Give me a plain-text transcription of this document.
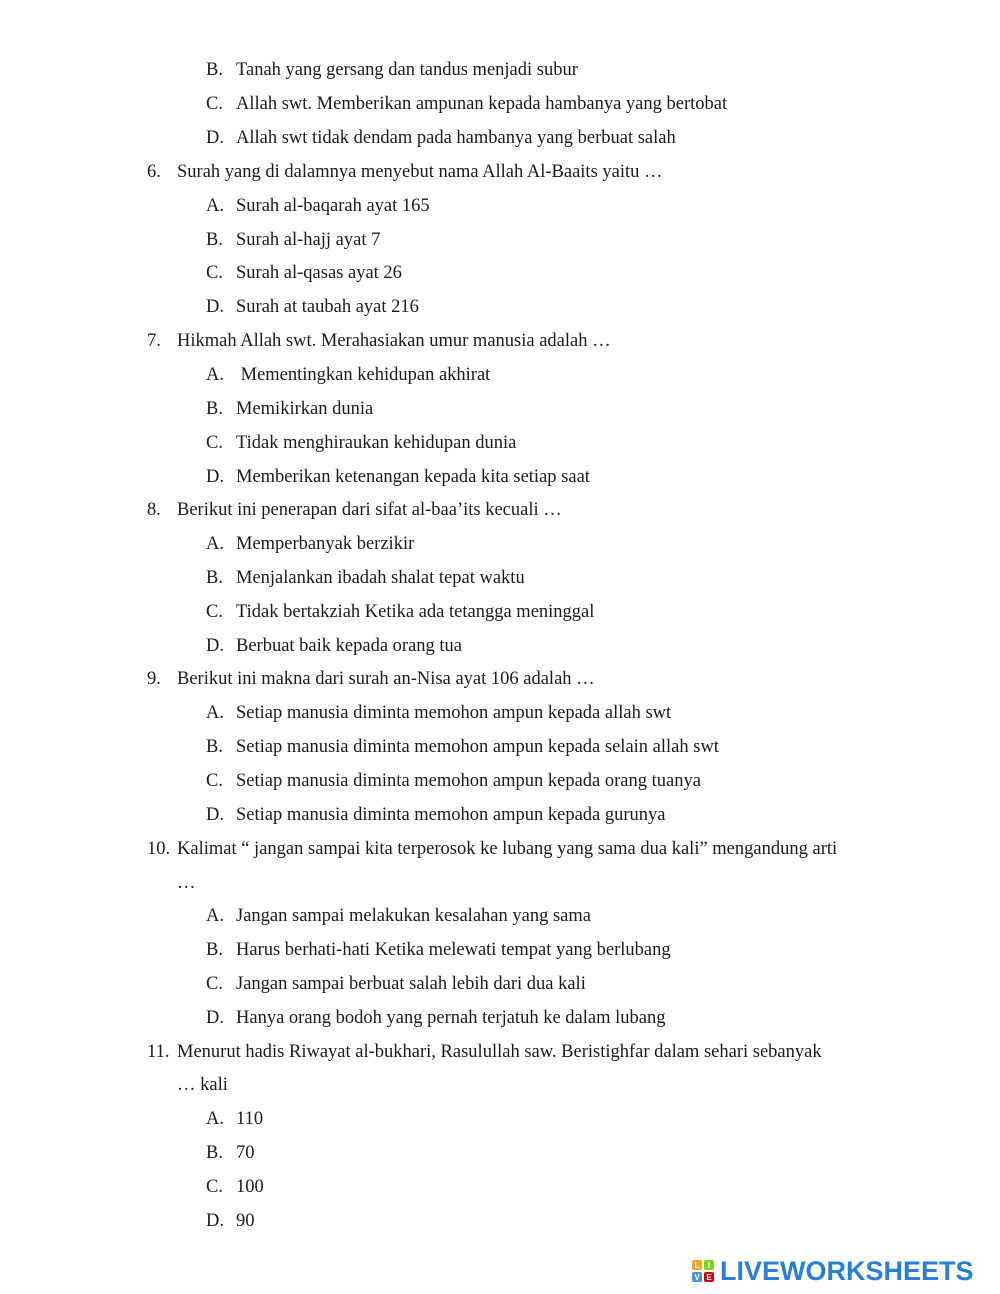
B. Tanah yang gersang dan tandus menjadi subur
C. Allah swt. Memberikan ampunan kepada hambanya yang bertobat
D. Allah swt tidak dendam pada hambanya yang berbuat salah
6. Surah yang di dalamnya menyebut nama Allah Al-Baaits yaitu …
A. Surah al-baqarah ayat 165
B. Surah al-hajj ayat 7
C. Surah al-qasas ayat 26
D. Surah at taubah ayat 216
7. Hikmah Allah swt. Merahasiakan umur manusia adalah …
A. Mementingkan kehidupan akhirat
B. Memikirkan dunia
C. Tidak menghiraukan kehidupan dunia
D. Memberikan ketenangan kepada kita setiap saat
8. Berikut ini penerapan dari sifat al-baa’its kecuali …
A. Memperbanyak berzikir
B. Menjalankan ibadah shalat tepat waktu
C. Tidak bertakziah Ketika ada tetangga meninggal
D. Berbuat baik kepada orang tua
9. Berikut ini makna dari surah an-Nisa ayat 106 adalah …
A. Setiap manusia diminta memohon ampun kepada allah swt
B. Setiap manusia diminta memohon ampun kepada selain allah swt
C. Setiap manusia diminta memohon ampun kepada orang tuanya
D. Setiap manusia diminta memohon ampun kepada gurunya
10. Kalimat “ jangan sampai kita terperosok ke lubang yang sama dua kali” mengandung arti
…
A. Jangan sampai melakukan kesalahan yang sama
B. Harus berhati-hati Ketika melewati tempat yang berlubang
C. Jangan sampai berbuat salah lebih dari dua kali
D. Hanya orang bodoh yang pernah terjatuh ke dalam lubang
11. Menurut hadis Riwayat al-bukhari, Rasulullah saw. Beristighfar dalam sehari sebanyak
… kali
A. 110
B. 70
C. 100
D. 90
L	I
V E LIVEWORKSHEETS
